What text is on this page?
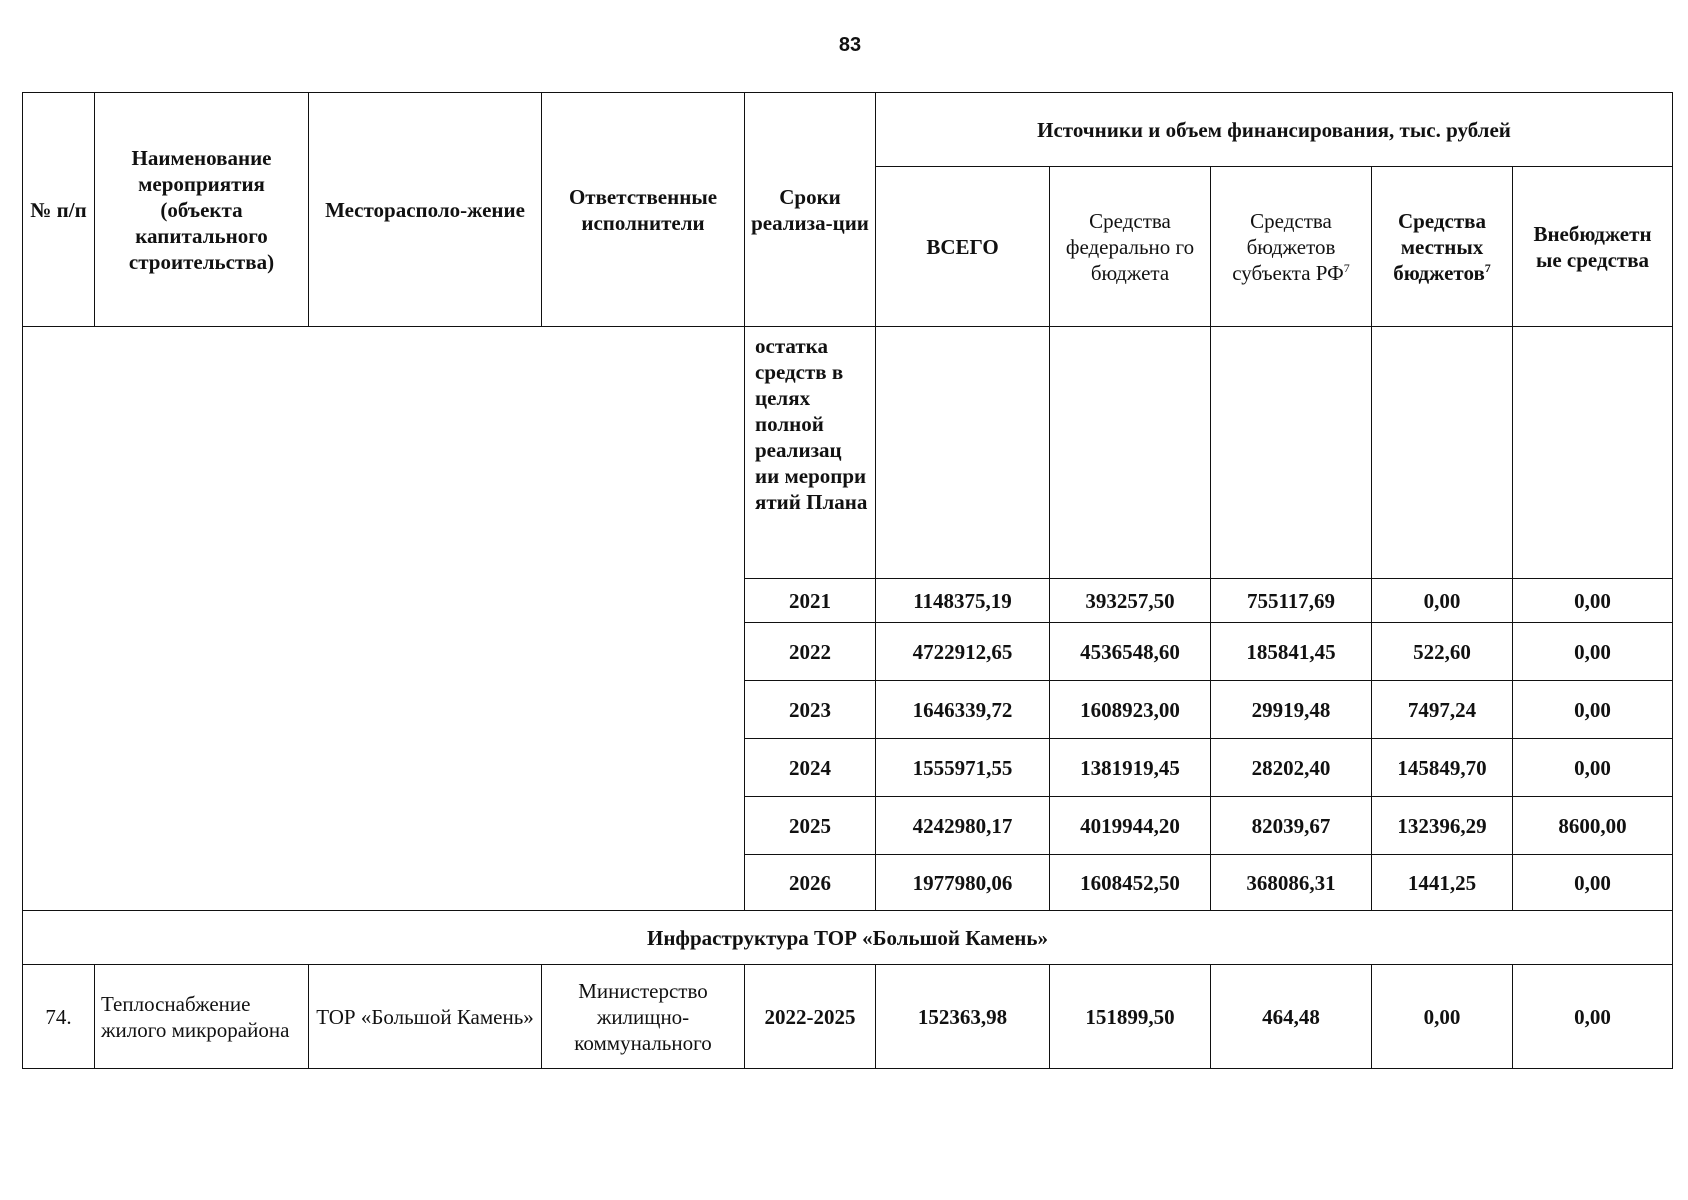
83
№ п/п	Наименование мероприятия (объекта капитального строительства)	Месторасполо-жение	Ответственные исполнители	Сроки реализа-ции	Источники и объем финансирования, тыс. рублей				
					ВСЕГО	Средства федерально го бюджета	Средства бюджетов субъекта $РФ^7$	Средства местных бюджетов$^7$	Внебюджетн ые средства
				остатка средств в целях полной реализац ии меропри ятий Плана					
				2021	1148375,19	393257,50	755117,69	0,00	0,00
				2022	4722912,65	4536548,60	185841,45	522,60	0,00
				2023	1646339,72	1608923,00	29919,48	7497,24	0,00
				2024	1555971,55	1381919,45	28202,40	145849,70	0,00
				2025	4242980,17	4019944,20	82039,67	132396,29	8600,00
				2026	1977980,06	1608452,50	368086,31	1441,25	0,00
Инфраструктура ТОР «Большой Камень»									
74.	Теплоснабжение жилого микрорайона	ТОР «Большой Камень»	Министерство жилищно-коммунального	2022-2025	152363,98	151899,50	464,48	0,00	0,00
